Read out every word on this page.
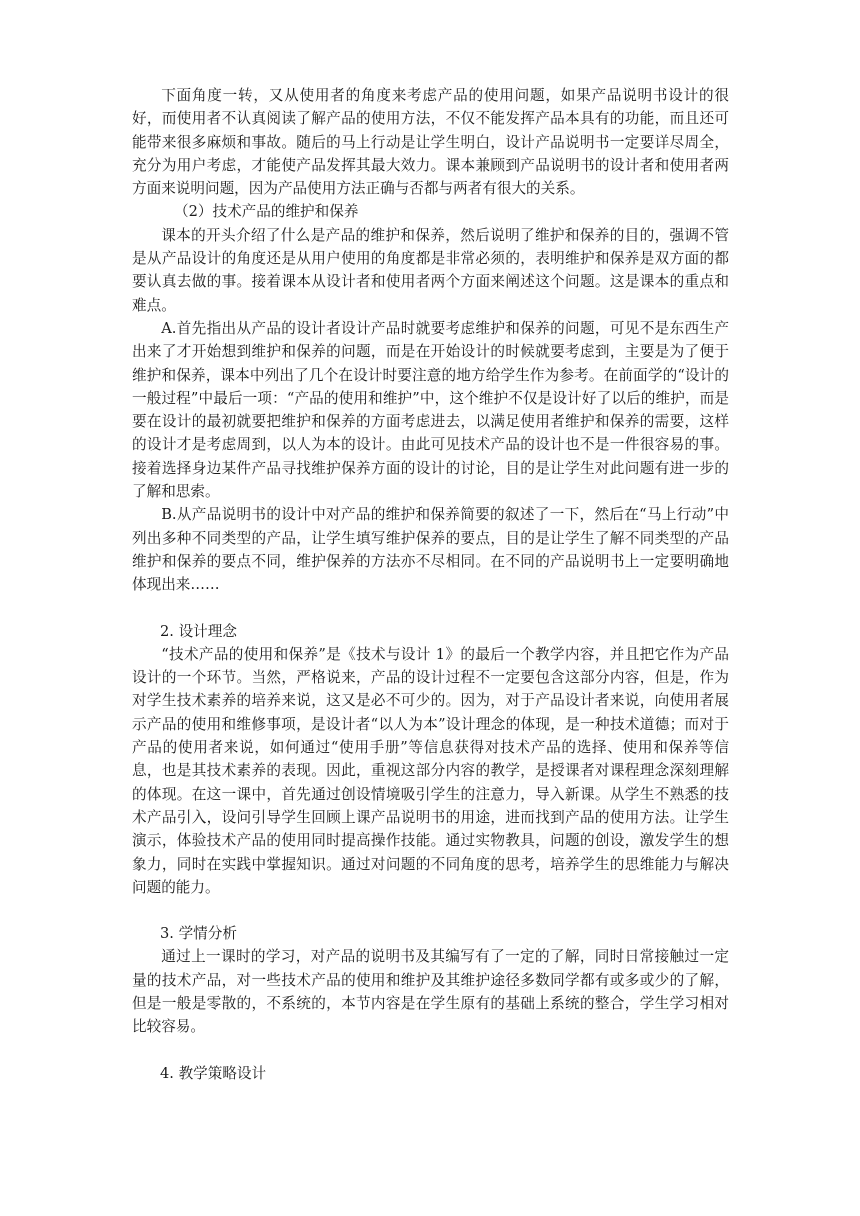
下面角度一转，又从使用者的角度来考虑产品的使用问题，如果产品说明书设计的很好，而使用者不认真阅读了解产品的使用方法，不仅不能发挥产品本具有的功能，而且还可能带来很多麻烦和事故。随后的马上行动是让学生明白，设计产品说明书一定要详尽周全，充分为用户考虑，才能使产品发挥其最大效力。课本兼顾到产品说明书的设计者和使用者两方面来说明问题，因为产品使用方法正确与否都与两者有很大的关系。

（2）技术产品的维护和保养

课本的开头介绍了什么是产品的维护和保养，然后说明了维护和保养的目的，强调不管是从产品设计的角度还是从用户使用的角度都是非常必须的，表明维护和保养是双方面的都要认真去做的事。接着课本从设计者和使用者两个方面来阐述这个问题。这是课本的重点和难点。

A.首先指出从产品的设计者设计产品时就要考虑维护和保养的问题，可见不是东西生产出来了才开始想到维护和保养的问题，而是在开始设计的时候就要考虑到，主要是为了便于维护和保养，课本中列出了几个在设计时要注意的地方给学生作为参考。在前面学的“设计的一般过程”中最后一项：“产品的使用和维护”中，这个维护不仅是设计好了以后的维护，而是要在设计的最初就要把维护和保养的方面考虑进去，以满足使用者维护和保养的需要，这样的设计才是考虑周到，以人为本的设计。由此可见技术产品的设计也不是一件很容易的事。接着选择身边某件产品寻找维护保养方面的设计的讨论，目的是让学生对此问题有进一步的了解和思索。

B.从产品说明书的设计中对产品的维护和保养简要的叙述了一下，然后在“马上行动”中列出多种不同类型的产品，让学生填写维护保养的要点，目的是让学生了解不同类型的产品维护和保养的要点不同，维护保养的方法亦不尽相同。在不同的产品说明书上一定要明确地体现出来……

2. 设计理念

“技术产品的使用和保养”是《技术与设计 1》的最后一个教学内容，并且把它作为产品设计的一个环节。当然，严格说来，产品的设计过程不一定要包含这部分内容，但是，作为对学生技术素养的培养来说，这又是必不可少的。因为，对于产品设计者来说，向使用者展示产品的使用和维修事项，是设计者“以人为本”设计理念的体现，是一种技术道德；而对于产品的使用者来说，如何通过“使用手册”等信息获得对技术产品的选择、使用和保养等信息，也是其技术素养的表现。因此，重视这部分内容的教学，是授课者对课程理念深刻理解的体现。在这一课中，首先通过创设情境吸引学生的注意力，导入新课。从学生不熟悉的技术产品引入，设问引导学生回顾上课产品说明书的用途，进而找到产品的使用方法。让学生演示，体验技术产品的使用同时提高操作技能。通过实物教具，问题的创设，激发学生的想象力，同时在实践中掌握知识。通过对问题的不同角度的思考，培养学生的思维能力与解决问题的能力。

3. 学情分析

通过上一课时的学习，对产品的说明书及其编写有了一定的了解，同时日常接触过一定量的技术产品，对一些技术产品的使用和维护及其维护途径多数同学都有或多或少的了解，但是一般是零散的，不系统的，本节内容是在学生原有的基础上系统的整合，学生学习相对比较容易。

4. 教学策略设计
